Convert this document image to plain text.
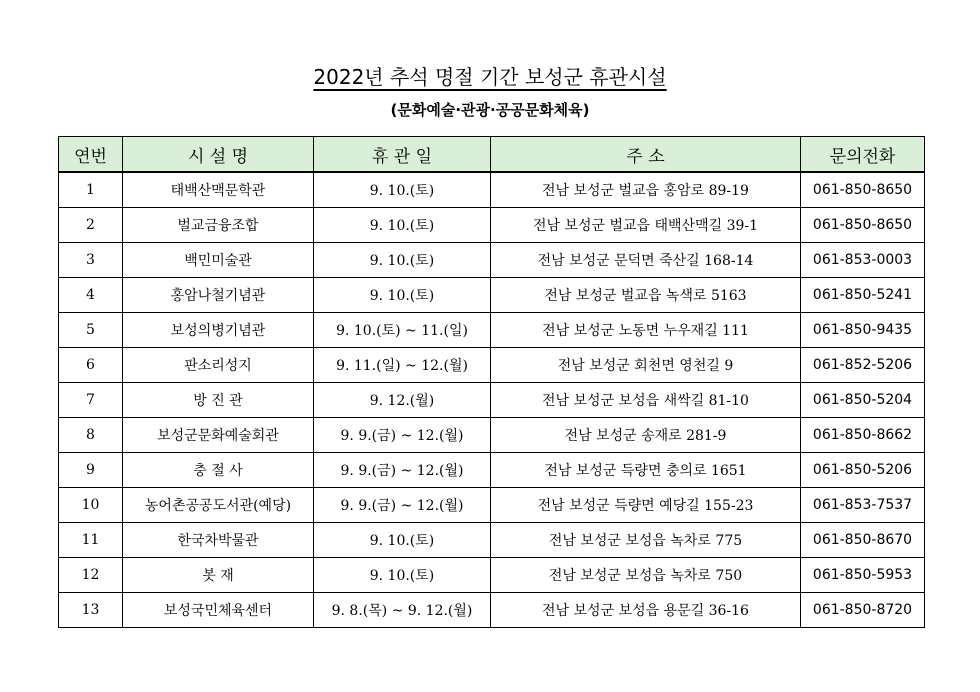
2022년 추석 명절 기간 보성군 휴관시설
(문화예술·관광·공공문화체육)
연번	시 설 명	휴 관 일	주 소	문의전화
1	태백산맥문학관	9. 10.(토)	전남 보성군 벌교읍 홍암로 89-19	061-850-8650
2	벌교금융조합	9. 10.(토)	전남 보성군 벌교읍 태백산맥길 39-1	061-850-8650
3	백민미술관	9. 10.(토)	전남 보성군 문덕면 죽산길 168-14	061-853-0003
4	홍암나철기념관	9. 10.(토)	전남 보성군 벌교읍 녹색로 5163	061-850-5241
5	보성의병기념관	9. 10.(토) ~ 11.(일)	전남 보성군 노동면 누우재길 111	061-850-9435
6	판소리성지	9. 11.(일) ~ 12.(월)	전남 보성군 회천면 영천길 9	061-852-5206
7	방 진 관	9. 12.(월)	전남 보성군 보성읍 새싹길 81-10	061-850-5204
8	보성군문화예술회관	9. 9.(금) ~ 12.(월)	전남 보성군 송재로 281-9	061-850-8662
9	충 절 사	9. 9.(금) ~ 12.(월)	전남 보성군 득량면 충의로 1651	061-850-5206
10	농어촌공공도서관(예당)	9. 9.(금) ~ 12.(월)	전남 보성군 득량면 예당길 155-23	061-853-7537
11	한국차박물관	9. 10.(토)	전남 보성군 보성읍 녹차로 775	061-850-8670
12	봇 재	9. 10.(토)	전남 보성군 보성읍 녹차로 750	061-850-5953
13	보성국민체육센터	9. 8.(목) ~ 9. 12.(월)	전남 보성군 보성읍 용문길 36-16	061-850-8720
